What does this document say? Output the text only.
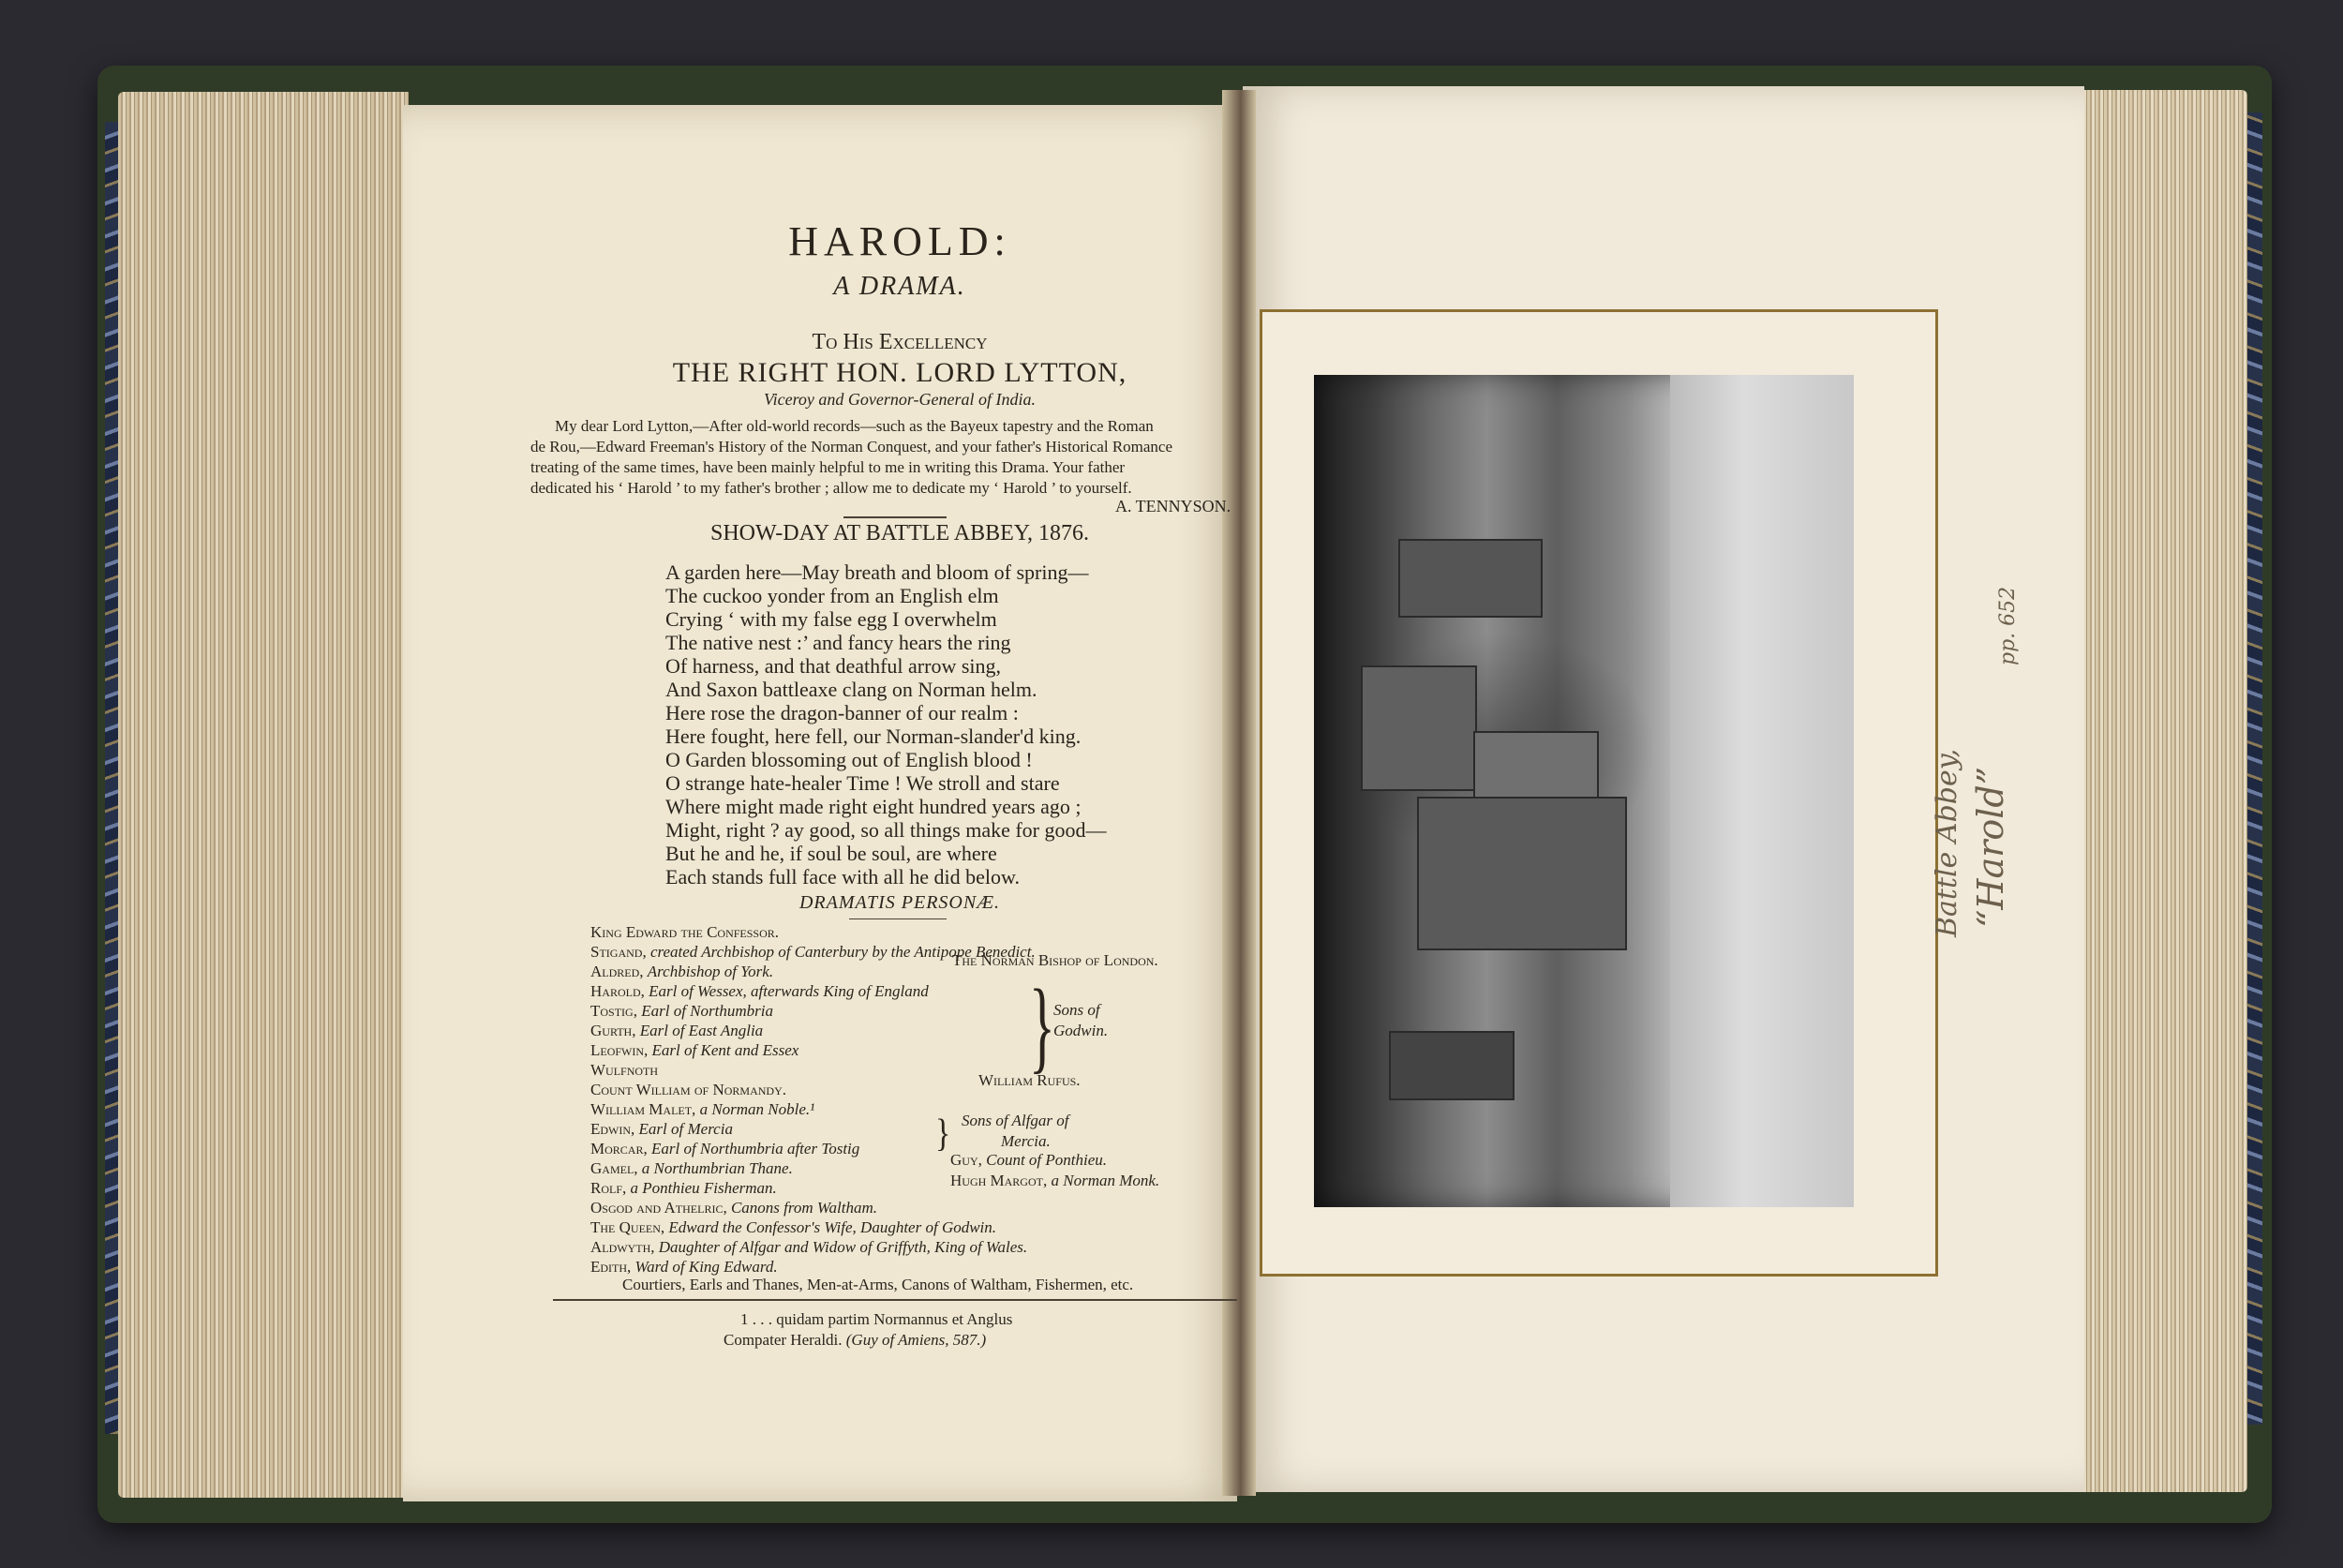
HAROLD:
A DRAMA.
To His Excellency
THE RIGHT HON. LORD LYTTON,
Viceroy and Governor-General of India.
My dear Lord Lytton,—After old-world records—such as the Bayeux tapestry and the Roman
de Rou,—Edward Freeman's History of the Norman Conquest, and your father's Historical Romance
treating of the same times, have been mainly helpful to me in writing this Drama. Your father
dedicated his ‘ Harold ’ to my father's brother ; allow me to dedicate my ‘ Harold ’ to yourself.
A. TENNYSON.
SHOW-DAY AT BATTLE ABBEY, 1876.
A garden here—May breath and bloom of spring—
The cuckoo yonder from an English elm
Crying ‘ with my false egg I overwhelm
The native nest :’ and fancy hears the ring
Of harness, and that deathful arrow sing,
And Saxon battleaxe clang on Norman helm.
Here rose the dragon-banner of our realm :
Here fought, here fell, our Norman-slander'd king.
O Garden blossoming out of English blood !
O strange hate-healer Time ! We stroll and stare
Where might made right eight hundred years ago ;
Might, right ? ay good, so all things make for good—
But he and he, if soul be soul, are where
Each stands full face with all he did below.
DRAMATIS PERSONÆ.
King Edward the Confessor.
Stigand, created Archbishop of Canterbury by the Antipope Benedict.
Aldred, Archbishop of York.
Harold, Earl of Wessex, afterwards King of England
Tostig, Earl of Northumbria
Gurth, Earl of East Anglia
Leofwin, Earl of Kent and Essex
Wulfnoth
Count William of Normandy.
William Malet, a Norman Noble.¹
Edwin, Earl of Mercia
Morcar, Earl of Northumbria after Tostig
Gamel, a Northumbrian Thane.
Rolf, a Ponthieu Fisherman.
Osgod and Athelric, Canons from Waltham.
The Queen, Edward the Confessor's Wife, Daughter of Godwin.
Aldwyth, Daughter of Alfgar and Widow of Griffyth, King of Wales.
Edith, Ward of King Edward.
The Norman Bishop of London.
}
Sons of
Godwin.
William Rufus.
} Sons of Alfgar of
Mercia.
Guy, Count of Ponthieu.
Hugh Margot, a Norman Monk.
Courtiers, Earls and Thanes, Men-at-Arms, Canons of Waltham, Fishermen, etc.
1 . . . quidam partim Normannus et Anglus
Compater Heraldi. (Guy of Amiens, 587.)
Battle Abbey, “Harold”
pp. 652
